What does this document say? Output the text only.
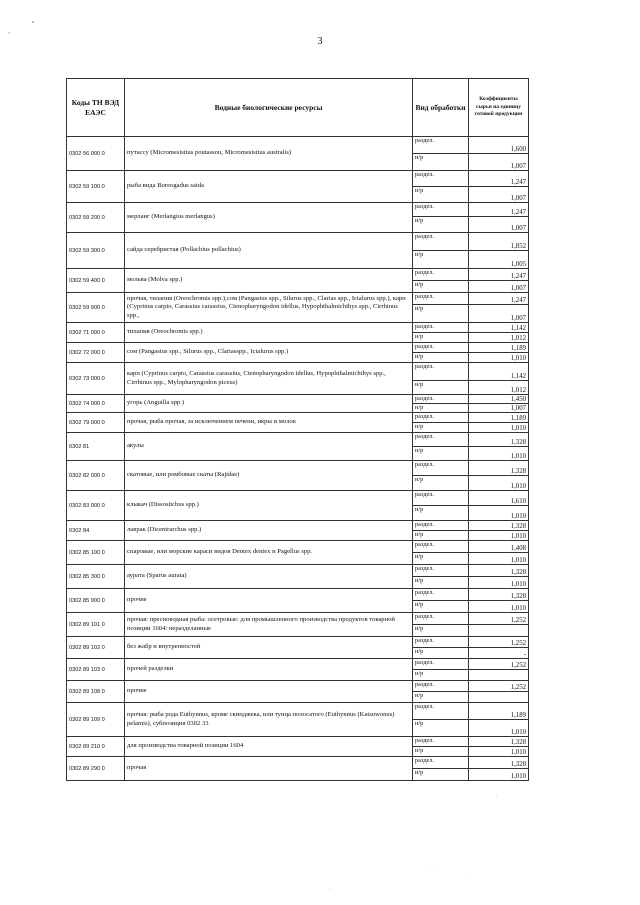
3
Коды ТН ВЭД ЕАЭС	Водные биологические ресурсы	Вид обработки	Коэффициенты сырья на единицу готовой продукции
0302 56 000 0	путассу (Micromesistius poutassou, Micromesistius australis)	раздел.	1,600
		н/р	1,007
0302 59 100 0	рыба вида Boreogadus saida	раздел.	1,247
		н/р	1,007
0302 59 200 0	мерланг (Merlangius merlangus)	раздел.	1,247
		н/р	1,007
0302 59 300 0	сайда серебристая (Pollachius pollachius)	раздел.	1,852
		н/р	1,005
0302 59 400 0	мольва (Molva spp.)	раздел.	1,247
		н/р	1,007
0302 59 900 0	прочая, тилапия (Oreochromis spp.),сом (Pangasius spp., Silurus spp., Clarias spp., Ictalurus spp.), карп (Cyprinus carpio, Carassius carassius, Ctenopharyngodon idellus, Hypophthalmichthys spp., Cirrhinus spp.,	раздел.	1,247
		н/р	1,007
0302 71 000 0	тилапия (Oreochromis spp.)	раздел.	1,142
		н/р	1,012
0302 72 000 0	сом (Pangasius spp., Silurus spp., Clariasspp., Ictalurus spp.)	раздел.	1,189
		н/р	1,010
0302 73 000 0	карп (Cyprinus carpio, Carassius carassius, Ctenopharyngodon idellus, Hypophthalmichthys spp., Cirrhinus spp., Mylopharyngodon piceus)	раздел.	1,142
		н/р	1,012
0302 74 000 0	угорь (Anguilla spp.)	раздел.	1,450
		н/р	1,007
0302 79 000 0	прочая, рыба прочая, за исключением печени, икры и молок	раздел.	1,189
		н/р	1,010
0302 81	акулы	раздел.	1,328
		н/р	1,010
0302 82 000 0	скатовые, или ромбовые скаты (Rajidae)	раздел.	1,328
		н/р	1,010
0302 83 000 0	клыкач (Dissostichus spp.)	раздел.	1,610
		н/р	1,010
0302 84	лаврак (Dicentrarchus spp.)	раздел.	1,328
		н/р	1,010
0302 85 100 0	спаровые, или морские караси видов Dentex dentex и Pagellus spp.	раздел.	1,408
		н/р	1,010
0302 85 300 0	аурата (Sparus aurata)	раздел.	1,328
		н/р	1,010
0302 85 900 0	прочие	раздел.	1,328
		н/р	1,010
0302 89 101 0	прочая: пресноводная рыба: осетровые: для промышленного производства продуктов товарной позиции 1604: неразделанные	раздел.	1,252
		н/р	
0302 89 102 0	без жабр и внутренностей	раздел.	1,252
		н/р	-
0302 89 103 0	прочей разделки	раздел.	1,252
		н/р	
0302 89 108 0	прочие	раздел.	1,252
		н/р	
0302 89 109 0	прочая: рыба рода Euthynnus, кроме скипджека, или тунца полосатого (Euthynnus (Katsuwonus) pelamis), субпозиция 0302 33	раздел.	1,189
		н/р	1,010
0302 89 210 0	для производства товарной позиции 1604	раздел.	1,328
		н/р	1,010
0302 89 290 0	прочая	раздел.	1,328
		н/р	1,010
